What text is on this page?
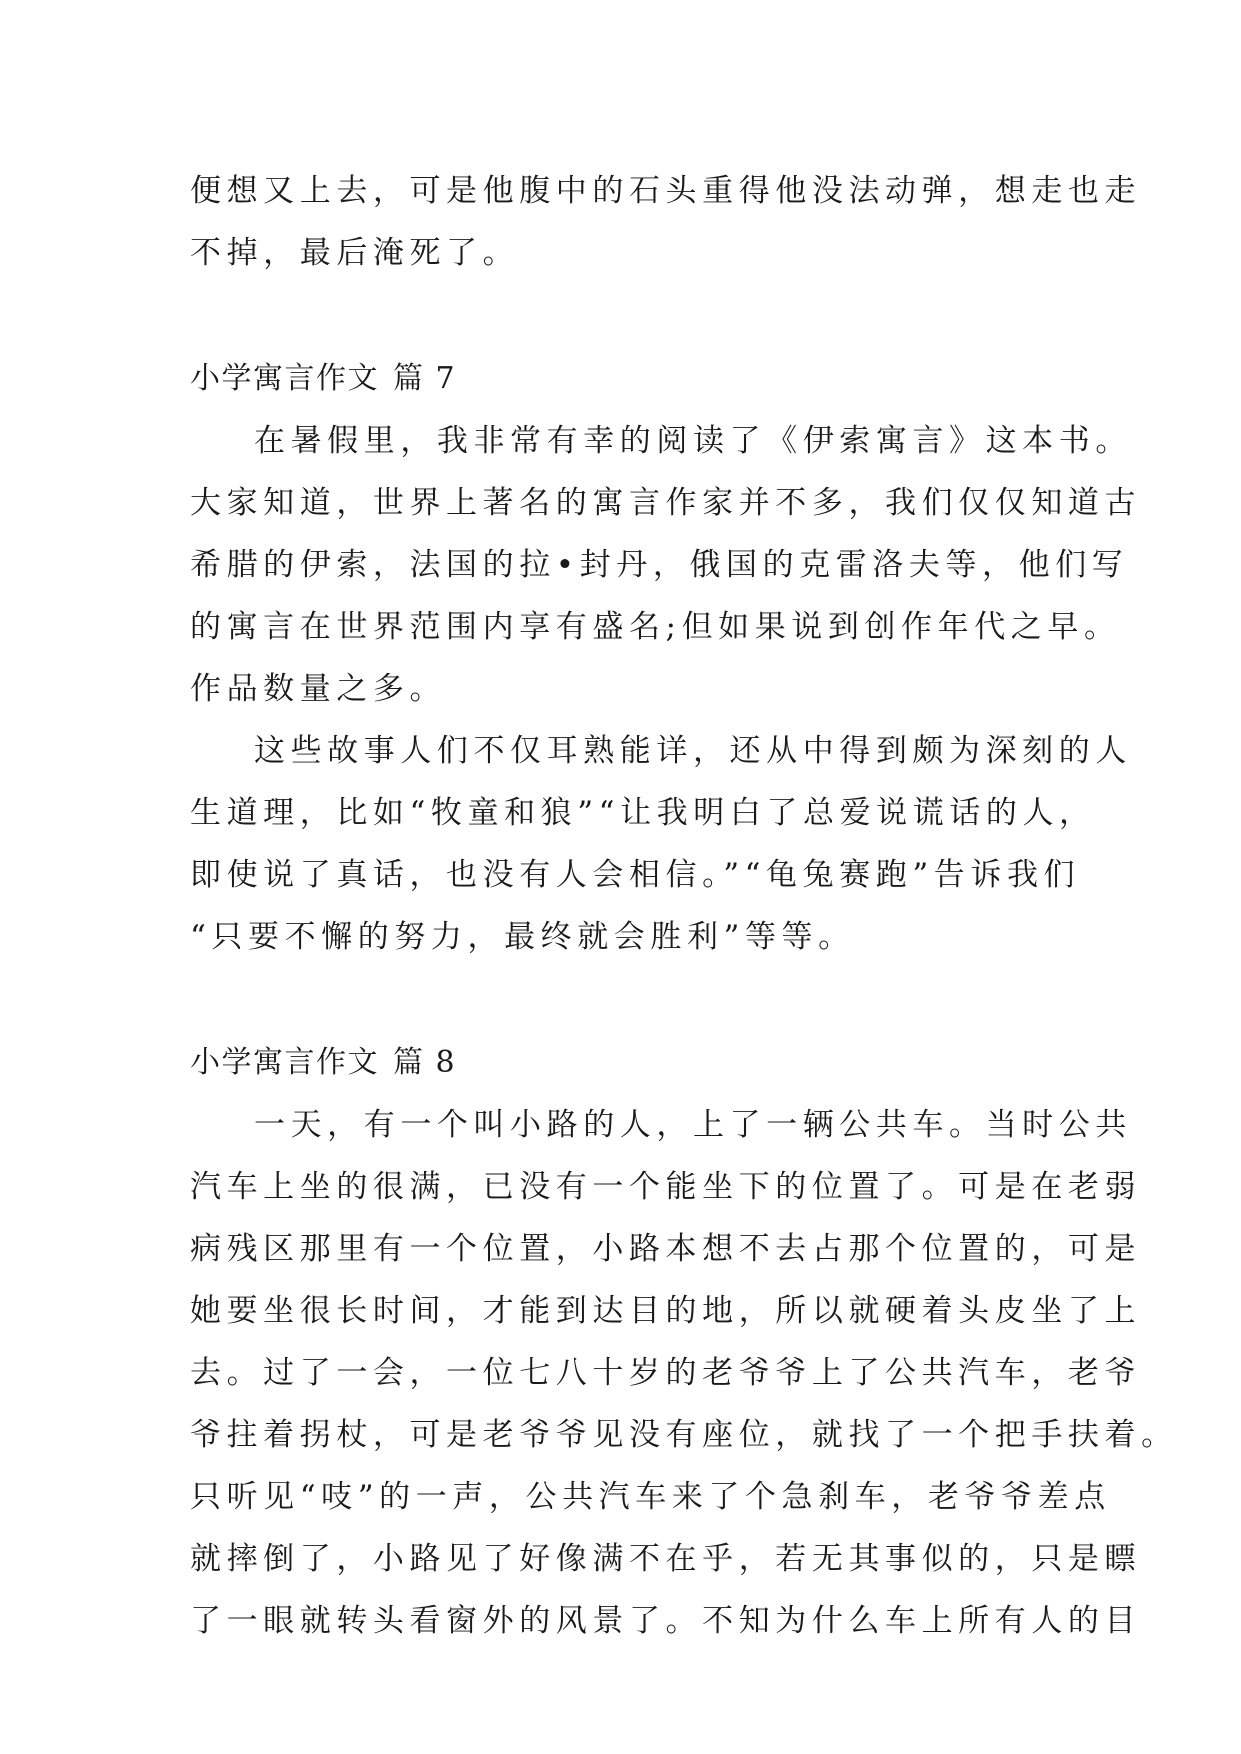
便想又上去，可是他腹中的石头重得他没法动弹，想走也走
不掉，最后淹死了。
小学寓言作文 篇 7
在暑假里，我非常有幸的阅读了《伊索寓言》这本书。
大家知道，世界上著名的寓言作家并不多，我们仅仅知道古
希腊的伊索，法国的拉•封丹，俄国的克雷洛夫等，他们写
的寓言在世界范围内享有盛名;但如果说到创作年代之早。
作品数量之多。
这些故事人们不仅耳熟能详，还从中得到颇为深刻的人
生道理，比如“牧童和狼”“让我明白了总爱说谎话的人，
即使说了真话，也没有人会相信。”“龟兔赛跑”告诉我们
“只要不懈的努力，最终就会胜利”等等。
小学寓言作文 篇 8
一天，有一个叫小路的人，上了一辆公共车。当时公共
汽车上坐的很满，已没有一个能坐下的位置了。可是在老弱
病残区那里有一个位置，小路本想不去占那个位置的，可是
她要坐很长时间，才能到达目的地，所以就硬着头皮坐了上
去。过了一会，一位七八十岁的老爷爷上了公共汽车，老爷
爷拄着拐杖，可是老爷爷见没有座位，就找了一个把手扶着。
只听见“吱”的一声，公共汽车来了个急刹车，老爷爷差点
就摔倒了，小路见了好像满不在乎，若无其事似的，只是瞟
了一眼就转头看窗外的风景了。不知为什么车上所有人的目
